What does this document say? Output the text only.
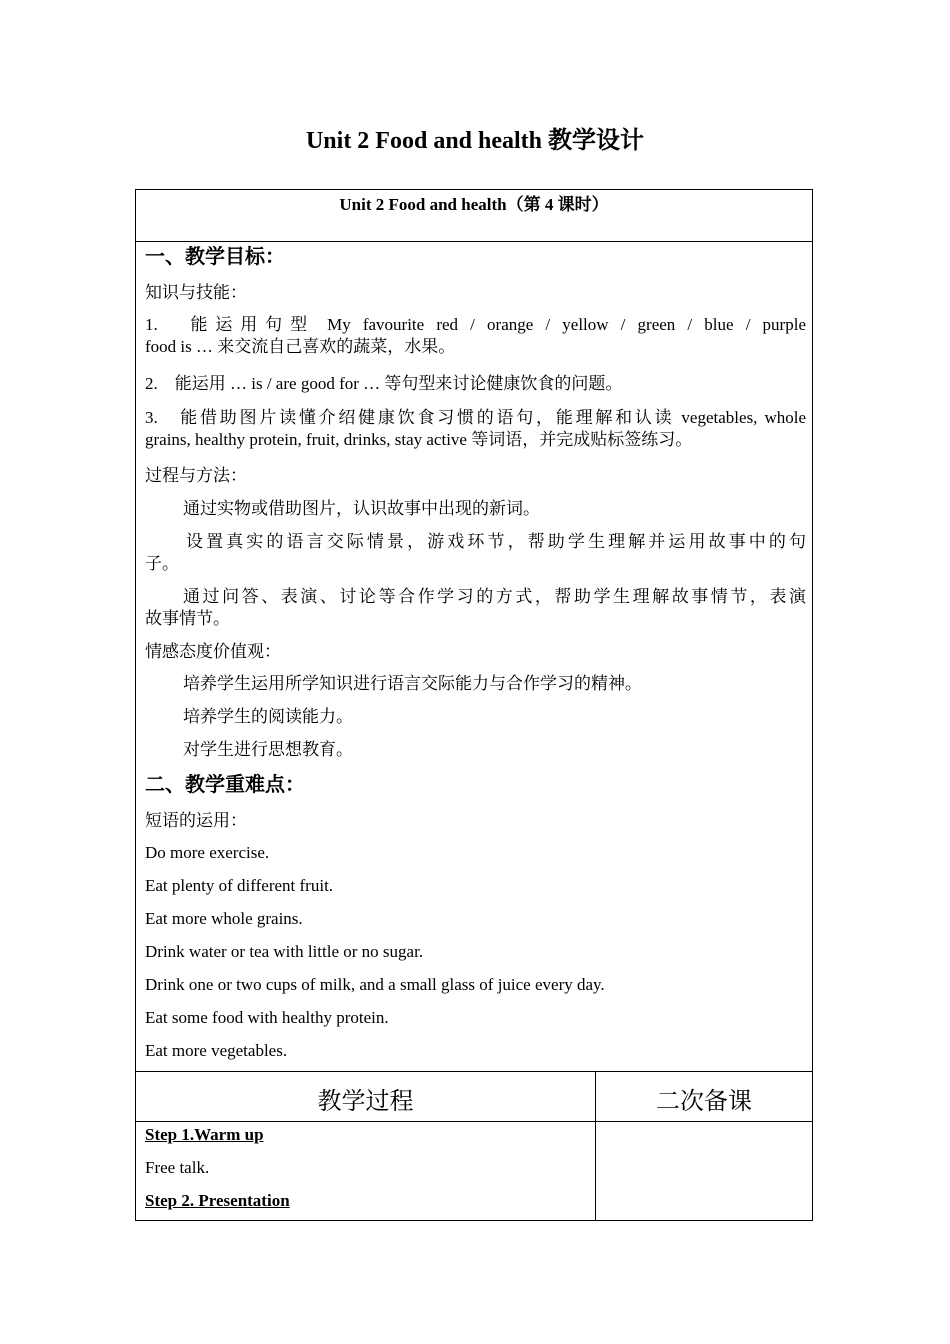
Unit 2 Food and health 教学设计
Unit 2 Food and health（第 4 课时）
一、教学目标：
知识与技能：
1.　能运用句型 My favourite red / orange / yellow / green / blue / purple
food is … 来交流自己喜欢的蔬菜，水果。
2.　能运用 … is / are good for … 等句型来讨论健康饮食的问题。
3.　能借助图片读懂介绍健康饮食习惯的语句，能理解和认读 vegetables, whole
grains, healthy protein, fruit, drinks, stay active 等词语，并完成贴标签练习。
过程与方法：
通过实物或借助图片，认识故事中出现的新词。
设置真实的语言交际情景，游戏环节，帮助学生理解并运用故事中的句
子。
通过问答、表演、讨论等合作学习的方式，帮助学生理解故事情节，表演
故事情节。
情感态度价值观：
培养学生运用所学知识进行语言交际能力与合作学习的精神。
培养学生的阅读能力。
对学生进行思想教育。
二、教学重难点：
短语的运用：
Do more exercise.
Eat plenty of different fruit.
Eat more whole grains.
Drink water or tea with little or no sugar.
Drink one or two cups of milk, and a small glass of juice every day.
Eat some food with healthy protein.
Eat more vegetables.
教学过程	二次备课
Step 1.Warm up
Free talk.
Step 2. Presentation
